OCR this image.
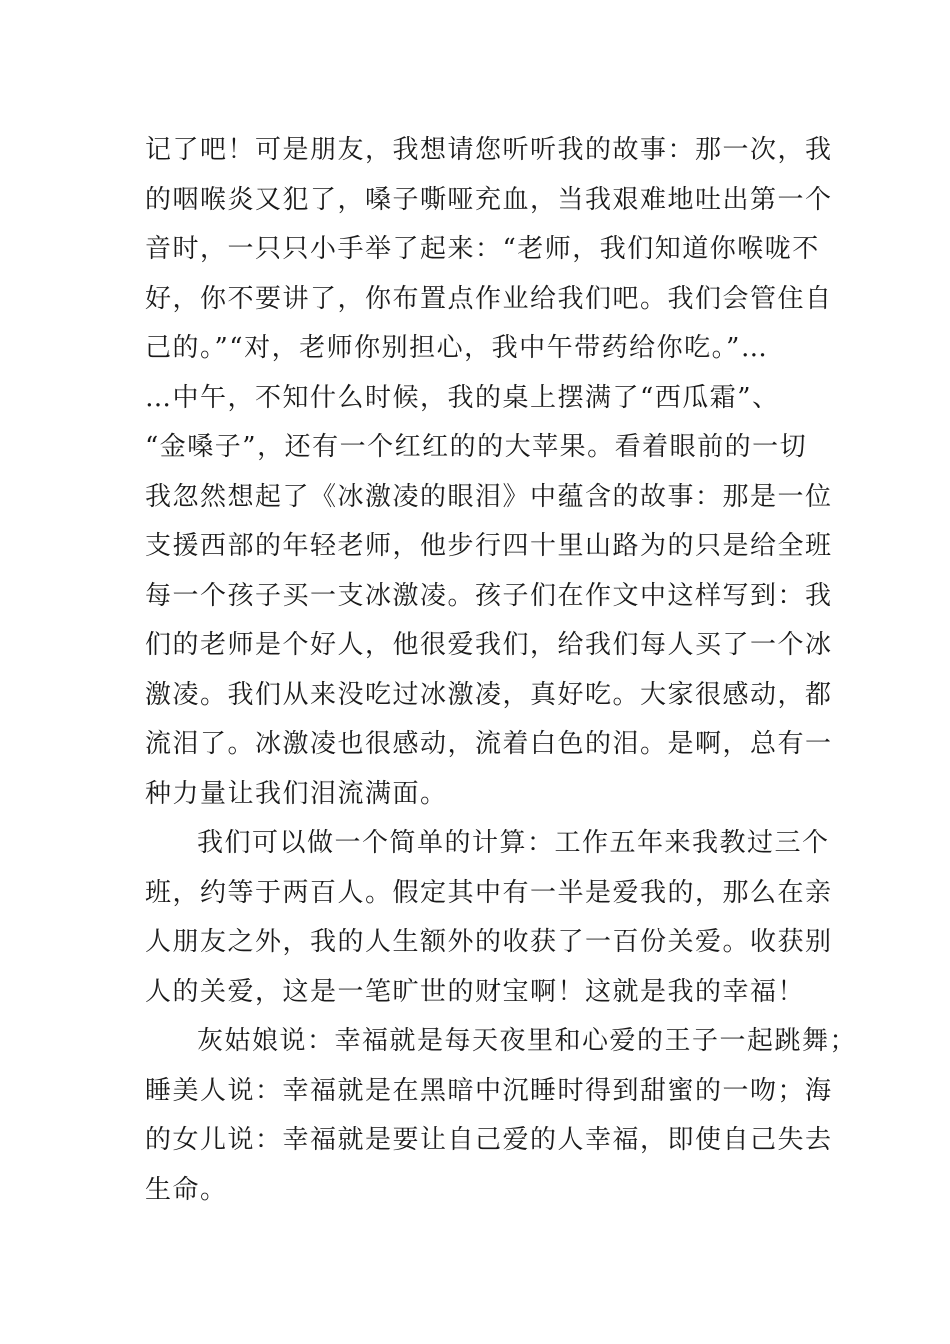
记了吧！可是朋友，我想请您听听我的故事：那一次，我
的咽喉炎又犯了，嗓子嘶哑充血，当我艰难地吐出第一个
音时，一只只小手举了起来：“老师，我们知道你喉咙不
好，你不要讲了，你布置点作业给我们吧。我们会管住自
己的。”“对，老师你别担心，我中午带药给你吃。”…
…中午，不知什么时候，我的桌上摆满了“西瓜霜”、
“金嗓子”，还有一个红红的的大苹果。看着眼前的一切
我忽然想起了《冰激凌的眼泪》中蕴含的故事：那是一位
支援西部的年轻老师，他步行四十里山路为的只是给全班
每一个孩子买一支冰激凌。孩子们在作文中这样写到：我
们的老师是个好人，他很爱我们，给我们每人买了一个冰
激凌。我们从来没吃过冰激凌，真好吃。大家很感动，都
流泪了。冰激凌也很感动，流着白色的泪。是啊，总有一
种力量让我们泪流满面。
我们可以做一个简单的计算：工作五年来我教过三个
班，约等于两百人。假定其中有一半是爱我的，那么在亲
人朋友之外，我的人生额外的收获了一百份关爱。收获别
人的关爱，这是一笔旷世的财宝啊！这就是我的幸福！
灰姑娘说：幸福就是每天夜里和心爱的王子一起跳舞；
睡美人说：幸福就是在黑暗中沉睡时得到甜蜜的一吻；海
的女儿说：幸福就是要让自己爱的人幸福，即使自己失去
生命。
